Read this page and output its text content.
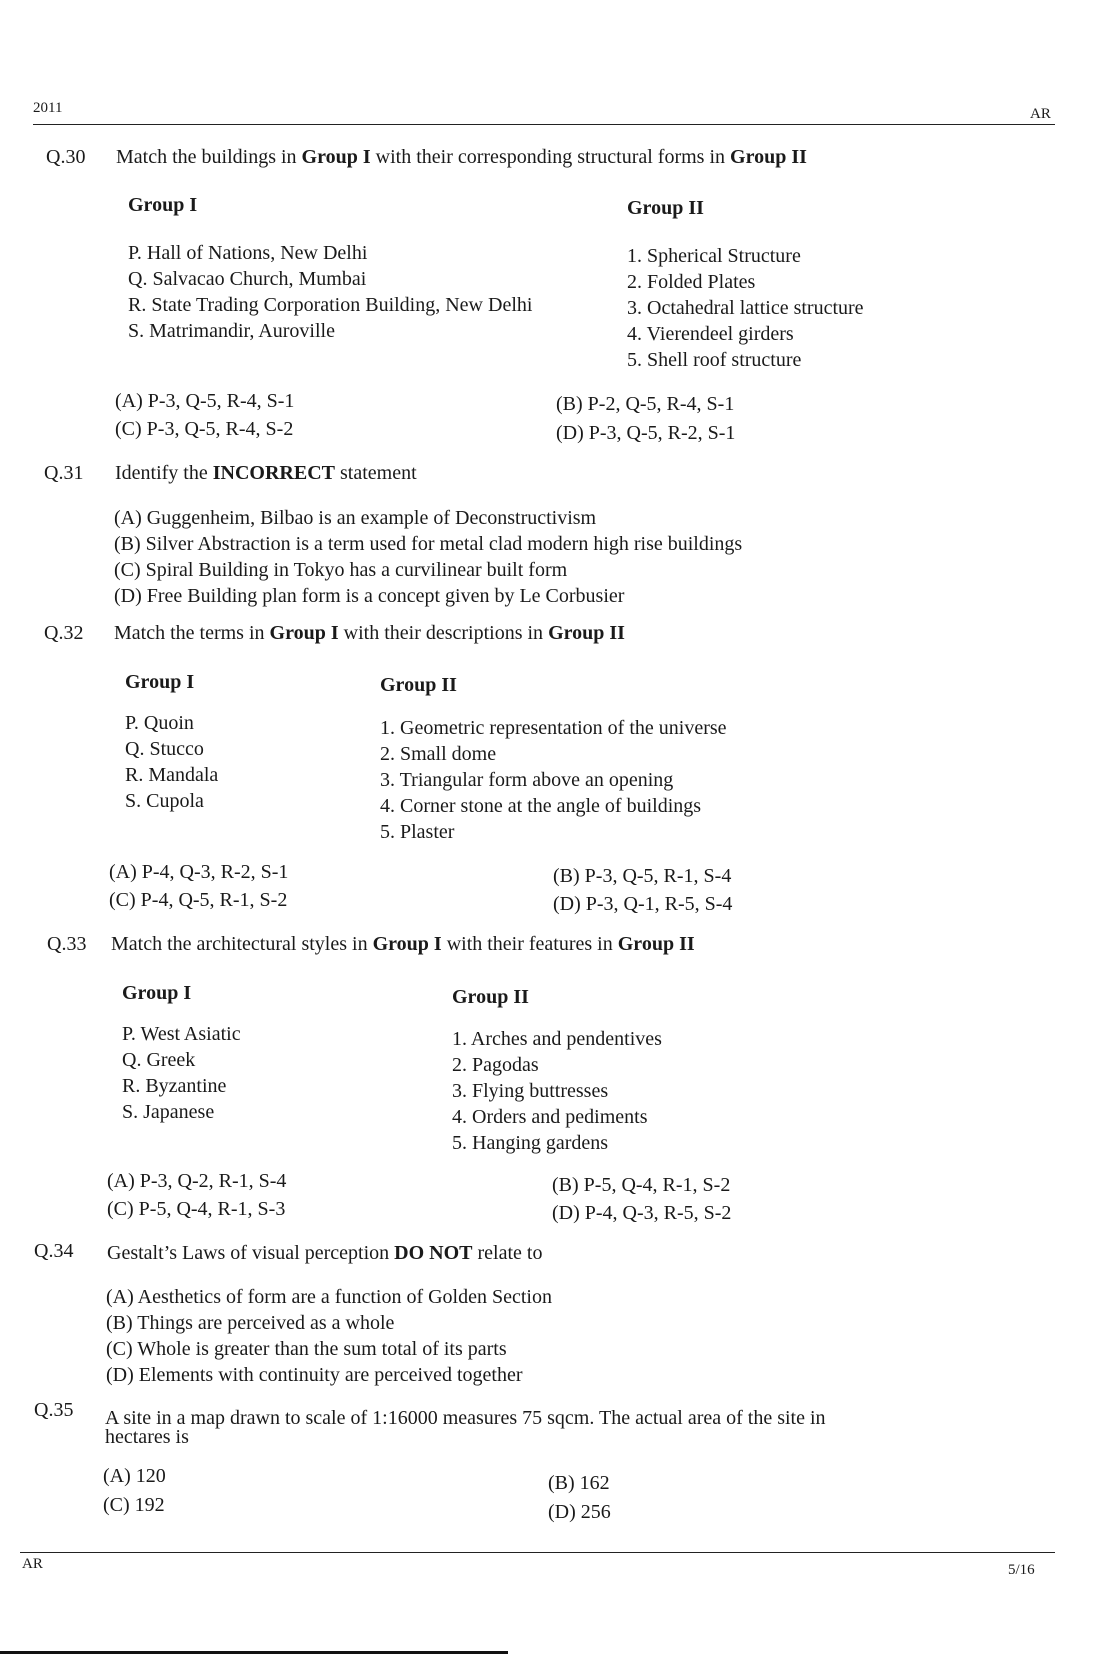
2011	AR
Q.30 Match the buildings in Group I with their corresponding structural forms in Group II
Group I	Group II
P. Hall of Nations, New Delhi
Q. Salvacao Church, Mumbai
R. State Trading Corporation Building, New Delhi
S. Matrimandir, Auroville
1. Spherical Structure
2. Folded Plates
3. Octahedral lattice structure
4. Vierendeel girders
5. Shell roof structure
(A) P-3, Q-5, R-4, S-1	(B) P-2, Q-5, R-4, S-1
(C) P-3, Q-5, R-4, S-2	(D) P-3, Q-5, R-2, S-1
Q.31 Identify the INCORRECT statement
(A) Guggenheim, Bilbao is an example of Deconstructivism
(B) Silver Abstraction is a term used for metal clad modern high rise buildings
(C) Spiral Building in Tokyo has a curvilinear built form
(D) Free Building plan form is a concept given by Le Corbusier
Q.32 Match the terms in Group I with their descriptions in Group II
Group I	Group II
P. Quoin
Q. Stucco
R. Mandala
S. Cupola
1. Geometric representation of the universe
2. Small dome
3. Triangular form above an opening
4. Corner stone at the angle of buildings
5. Plaster
(A) P-4, Q-3, R-2, S-1	(B) P-3, Q-5, R-1, S-4
(C) P-4, Q-5, R-1, S-2	(D) P-3, Q-1, R-5, S-4
Q.33 Match the architectural styles in Group I with their features in Group II
Group I	Group II
P. West Asiatic
Q. Greek
R. Byzantine
S. Japanese
1. Arches and pendentives
2. Pagodas
3. Flying buttresses
4. Orders and pediments
5. Hanging gardens
(A) P-3, Q-2, R-1, S-4	(B) P-5, Q-4, R-1, S-2
(C) P-5, Q-4, R-1, S-3	(D) P-4, Q-3, R-5, S-2
Q.34 Gestalt’s Laws of visual perception DO NOT relate to
(A) Aesthetics of form are a function of Golden Section
(B) Things are perceived as a whole
(C) Whole is greater than the sum total of its parts
(D) Elements with continuity are perceived together
Q.35 A site in a map drawn to scale of 1:16000 measures 75 sqcm. The actual area of the site in
hectares is
(A) 120	(B) 162
(C) 192	(D) 256
AR	5/16
